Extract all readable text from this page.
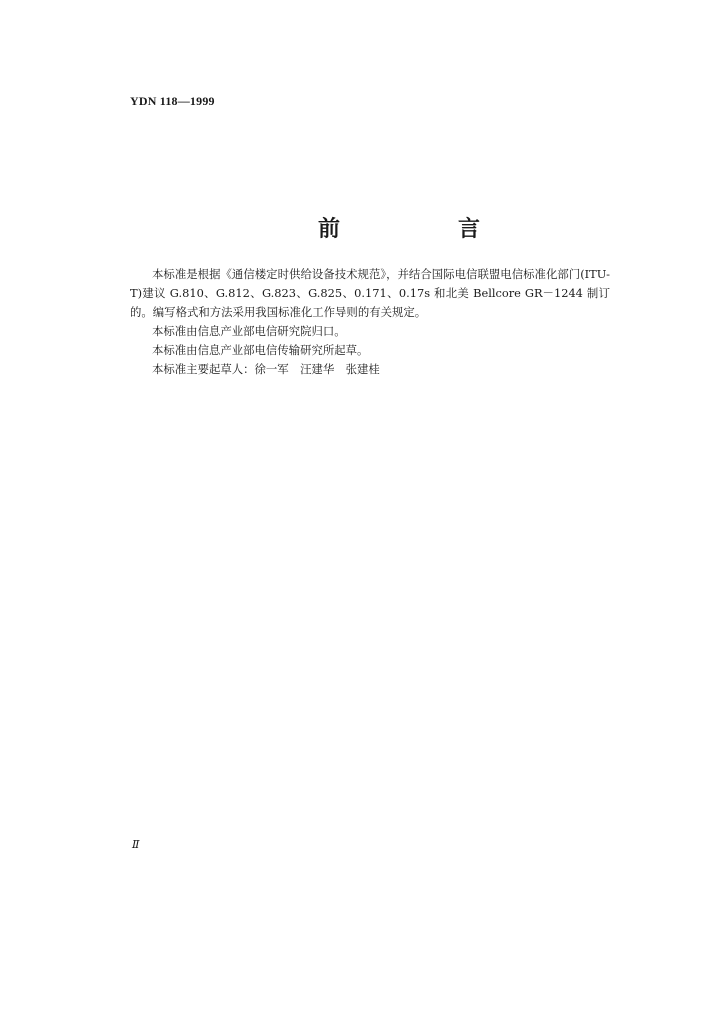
YDN 118—1999
前　言

本标准是根据《通信楼定时供给设备技术规范》，并结合国际电信联盟电信标准化部门(ITU-T)建议 G.810、G.812、G.823、G.825、0.171、0.17s 和北美 Bellcore GR－1244 制订的。编写格式和方法采用我国标准化工作导则的有关规定。

本标准由信息产业部电信研究院归口。

本标准由信息产业部电信传输研究所起草。

本标准主要起草人：徐一军　汪建华　张建桂

Ⅱ
